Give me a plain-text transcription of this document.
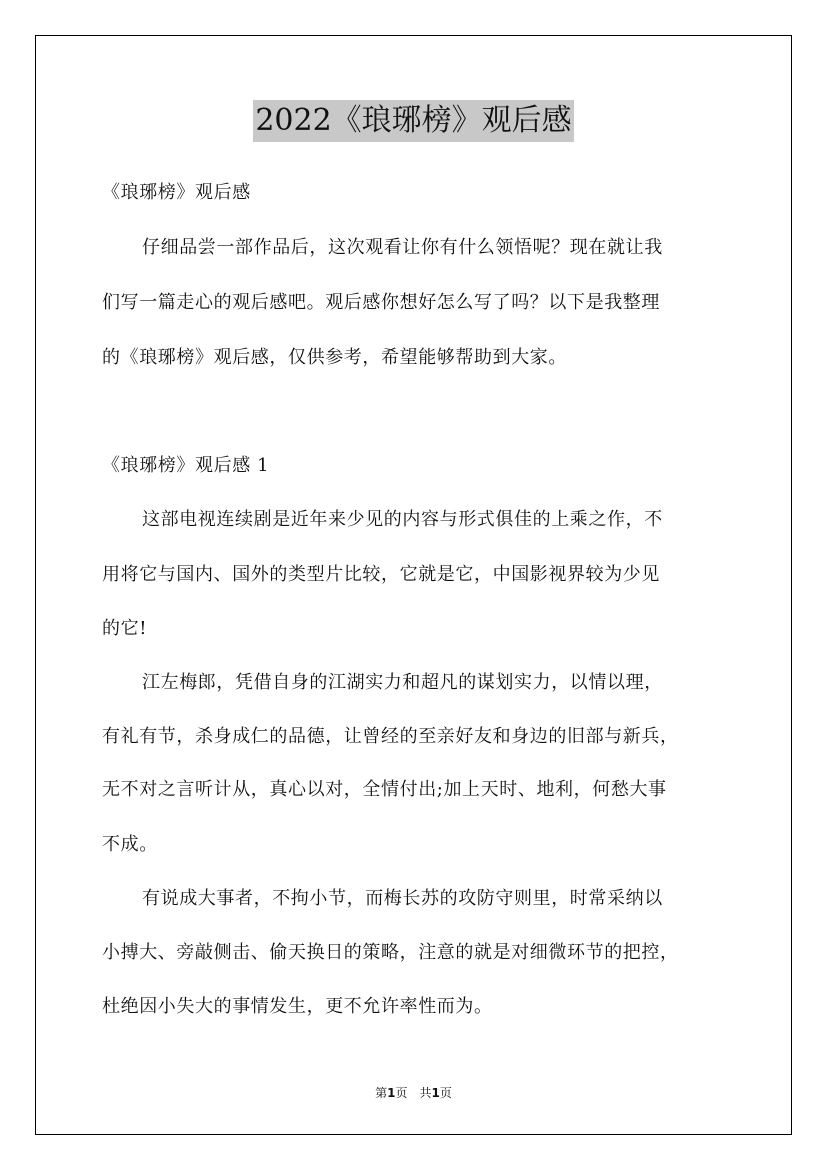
2022《琅琊榜》观后感
《琅琊榜》观后感
仔细品尝一部作品后，这次观看让你有什么领悟呢？现在就让我
们写一篇走心的观后感吧。观后感你想好怎么写了吗？以下是我整理
的《琅琊榜》观后感，仅供参考，希望能够帮助到大家。
《琅琊榜》观后感 1
这部电视连续剧是近年来少见的内容与形式俱佳的上乘之作，不
用将它与国内、国外的类型片比较，它就是它，中国影视界较为少见
的它!
江左梅郎，凭借自身的江湖实力和超凡的谋划实力，以情以理，
有礼有节，杀身成仁的品德，让曾经的至亲好友和身边的旧部与新兵，
无不对之言听计从，真心以对，全情付出;加上天时、地利，何愁大事
不成。
有说成大事者，不拘小节，而梅长苏的攻防守则里，时常采纳以
小搏大、旁敲侧击、偷天换日的策略，注意的就是对细微环节的把控，
杜绝因小失大的事情发生，更不允许率性而为。
第1页　共1页
